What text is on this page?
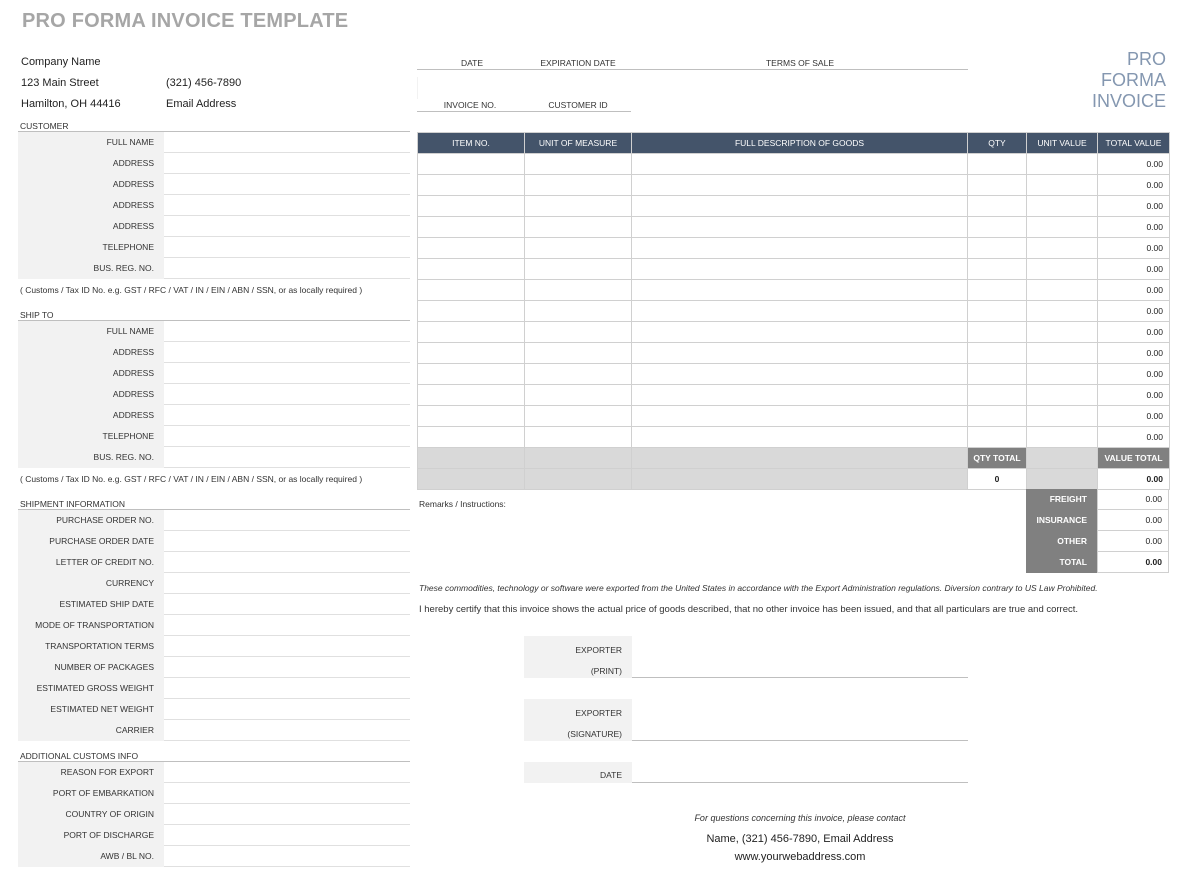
PRO FORMA INVOICE TEMPLATE
Company Name
123 Main Street	(321) 456-7890
Hamilton, OH 44416	Email Address
DATE	EXPIRATION DATE	TERMS OF SALE
INVOICE NO.	CUSTOMER ID
PRO
FORMA
INVOICE
CUSTOMER
FULL NAME
ADDRESS
ADDRESS
ADDRESS
ADDRESS
TELEPHONE
BUS. REG. NO.
( Customs / Tax ID No. e.g. GST / RFC / VAT / IN / EIN / ABN / SSN, or as locally required )
SHIP TO
FULL NAME
ADDRESS
ADDRESS
ADDRESS
ADDRESS
TELEPHONE
BUS. REG. NO.
( Customs / Tax ID No. e.g. GST / RFC / VAT / IN / EIN / ABN / SSN, or as locally required )
SHIPMENT INFORMATION
PURCHASE ORDER NO.
PURCHASE ORDER DATE
LETTER OF CREDIT NO.
CURRENCY
ESTIMATED SHIP DATE
MODE OF TRANSPORTATION
TRANSPORTATION TERMS
NUMBER OF PACKAGES
ESTIMATED GROSS WEIGHT
ESTIMATED NET WEIGHT
CARRIER
ADDITIONAL CUSTOMS INFO
REASON FOR EXPORT
PORT OF EMBARKATION
COUNTRY OF ORIGIN
PORT OF DISCHARGE
AWB / BL NO.
ITEM NO.	UNIT OF MEASURE	FULL DESCRIPTION OF GOODS	QTY	UNIT VALUE	TOTAL VALUE
					0.00
					0.00
					0.00
					0.00
					0.00
					0.00
					0.00
					0.00
					0.00
					0.00
					0.00
					0.00
					0.00
					0.00
			QTY TOTAL		VALUE TOTAL
			0		0.00
Remarks / Instructions:	FREIGHT	0.00
INSURANCE	0.00
OTHER	0.00
TOTAL	0.00
These commodities, technology or software were exported from the United States in accordance with the Export Administration regulations. Diversion contrary to US Law Prohibited.
I hereby certify that this invoice shows the actual price of goods described, that no other invoice has been issued, and that all particulars are true and correct.
EXPORTER
(PRINT)
EXPORTER
(SIGNATURE)
DATE
For questions concerning this invoice, please contact
Name, (321) 456-7890, Email Address
www.yourwebaddress.com
